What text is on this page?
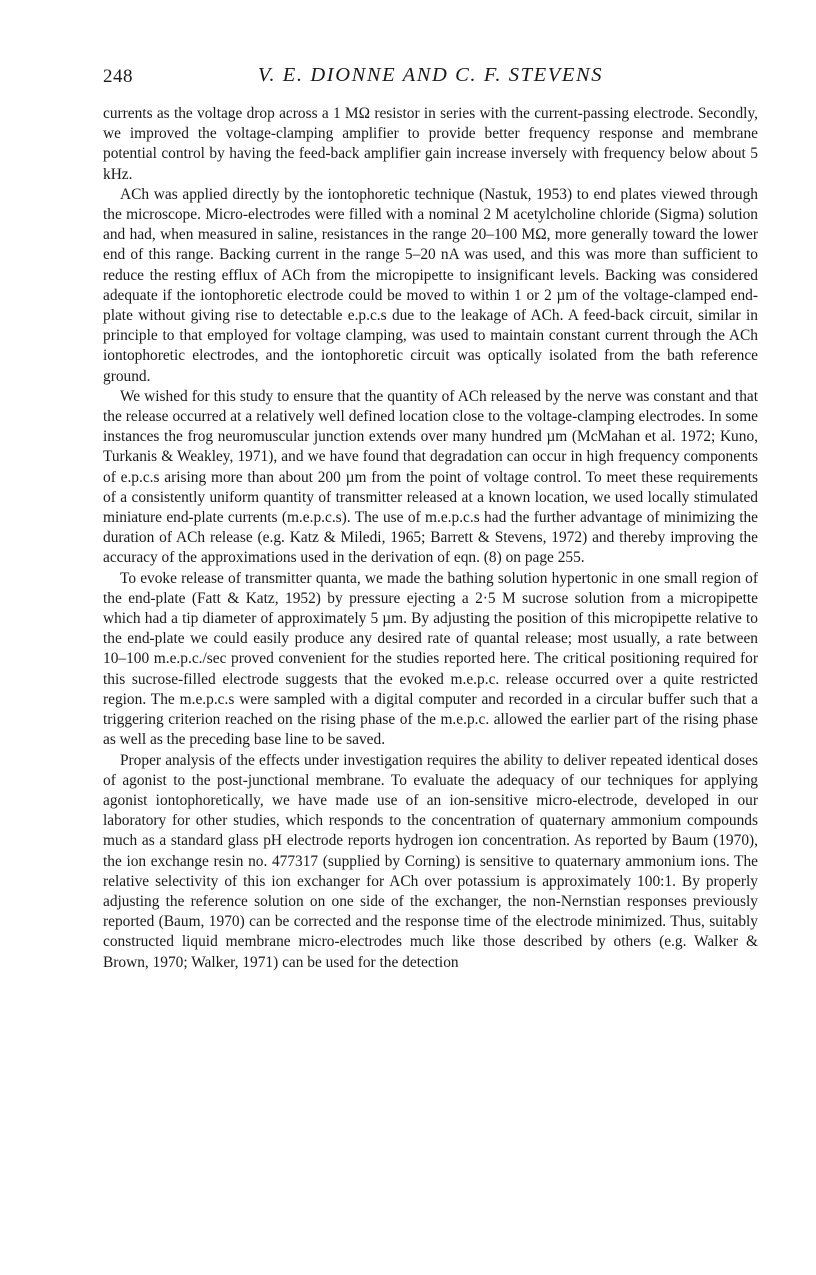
248	V. E. DIONNE AND C. F. STEVENS

currents as the voltage drop across a 1 MΩ resistor in series with the current-passing electrode. Secondly, we improved the voltage-clamping amplifier to provide better frequency response and membrane potential control by having the feed-back amplifier gain increase inversely with frequency below about 5 kHz.

ACh was applied directly by the iontophoretic technique (Nastuk, 1953) to end plates viewed through the microscope. Micro-electrodes were filled with a nominal 2 M acetylcholine chloride (Sigma) solution and had, when measured in saline, resistances in the range 20–100 MΩ, more generally toward the lower end of this range. Backing current in the range 5–20 nA was used, and this was more than sufficient to reduce the resting efflux of ACh from the micropipette to insignificant levels. Backing was considered adequate if the iontophoretic electrode could be moved to within 1 or 2 µm of the voltage-clamped end-plate without giving rise to detectable e.p.c.s due to the leakage of ACh. A feed-back circuit, similar in principle to that employed for voltage clamping, was used to maintain constant current through the ACh iontophoretic electrodes, and the iontophoretic circuit was optically isolated from the bath reference ground.

We wished for this study to ensure that the quantity of ACh released by the nerve was constant and that the release occurred at a relatively well defined location close to the voltage-clamping electrodes. In some instances the frog neuromuscular junction extends over many hundred µm (McMahan et al. 1972; Kuno, Turkanis & Weakley, 1971), and we have found that degradation can occur in high frequency components of e.p.c.s arising more than about 200 µm from the point of voltage control. To meet these requirements of a consistently uniform quantity of transmitter released at a known location, we used locally stimulated miniature end-plate currents (m.e.p.c.s). The use of m.e.p.c.s had the further advantage of minimizing the duration of ACh release (e.g. Katz & Miledi, 1965; Barrett & Stevens, 1972) and thereby improving the accuracy of the approximations used in the derivation of eqn. (8) on page 255.

To evoke release of transmitter quanta, we made the bathing solution hypertonic in one small region of the end-plate (Fatt & Katz, 1952) by pressure ejecting a 2·5 M sucrose solution from a micropipette which had a tip diameter of approximately 5 µm. By adjusting the position of this micropipette relative to the end-plate we could easily produce any desired rate of quantal release; most usually, a rate between 10–100 m.e.p.c./sec proved convenient for the studies reported here. The critical positioning required for this sucrose-filled electrode suggests that the evoked m.e.p.c. release occurred over a quite restricted region. The m.e.p.c.s were sampled with a digital computer and recorded in a circular buffer such that a triggering criterion reached on the rising phase of the m.e.p.c. allowed the earlier part of the rising phase as well as the preceding base line to be saved.

Proper analysis of the effects under investigation requires the ability to deliver repeated identical doses of agonist to the post-junctional membrane. To evaluate the adequacy of our techniques for applying agonist iontophoretically, we have made use of an ion-sensitive micro-electrode, developed in our laboratory for other studies, which responds to the concentration of quaternary ammonium compounds much as a standard glass pH electrode reports hydrogen ion concentration. As reported by Baum (1970), the ion exchange resin no. 477317 (supplied by Corning) is sensitive to quaternary ammonium ions. The relative selectivity of this ion exchanger for ACh over potassium is approximately 100:1. By properly adjusting the reference solution on one side of the exchanger, the non-Nernstian responses previously reported (Baum, 1970) can be corrected and the response time of the electrode minimized. Thus, suitably constructed liquid membrane micro-electrodes much like those described by others (e.g. Walker & Brown, 1970; Walker, 1971) can be used for the detection
